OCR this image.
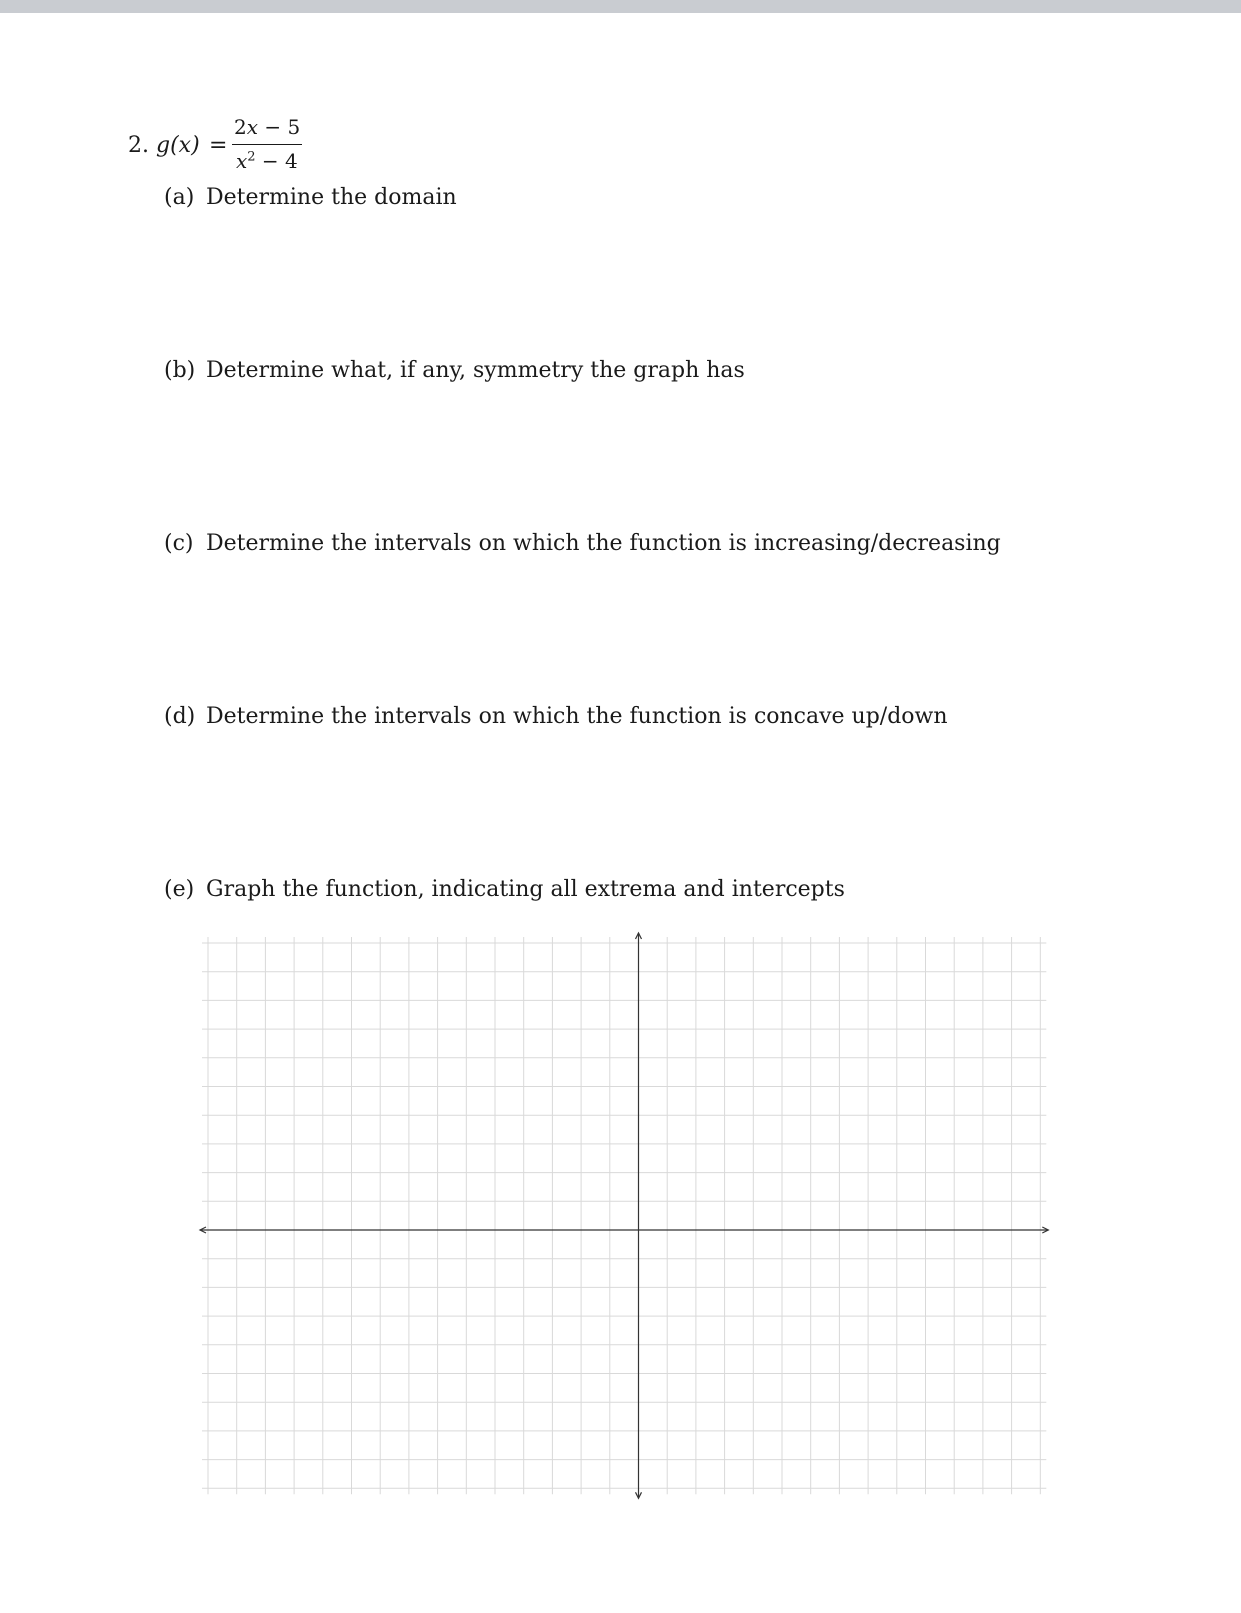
2. g(x) =
2x − 5
$x^2 - 4$
(a) Determine the domain
(b) Determine what, if any, symmetry the graph has
(c) Determine the intervals on which the function is increasing/decreasing
(d) Determine the intervals on which the function is concave up/down
(e) Graph the function, indicating all extrema and intercepts
